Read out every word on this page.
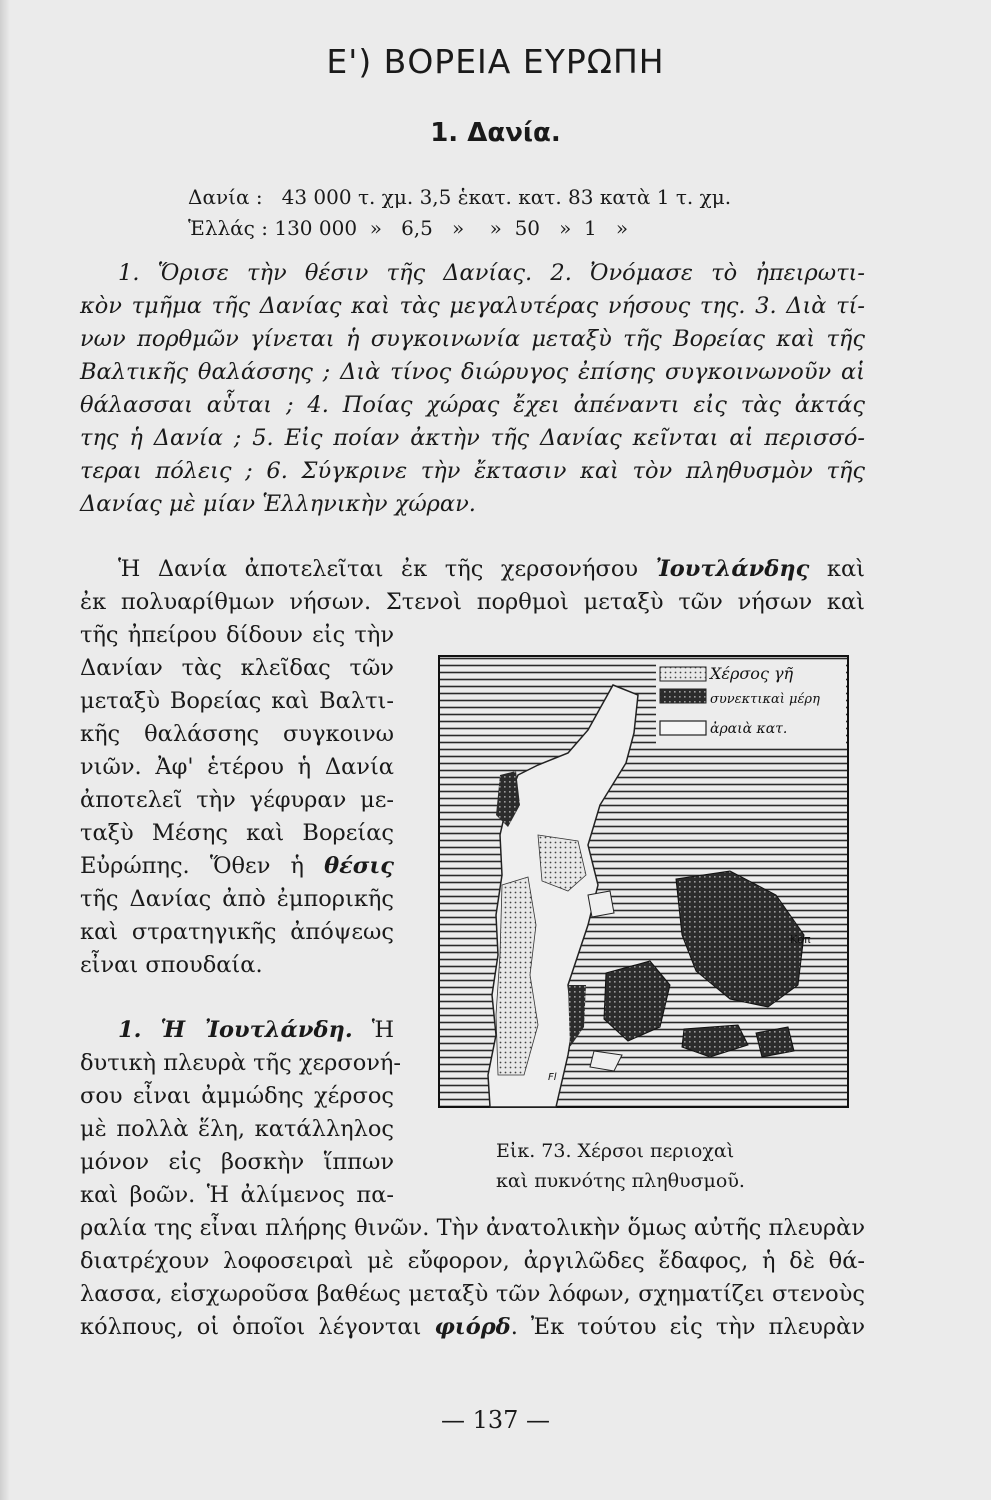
Ε') ΒΟΡΕΙΑ ΕΥΡΩΠΗ
1. Δανία.
Δανία :   43 000 τ. χμ. 3,5 ἑκατ. κατ. 83 κατὰ 1 τ. χμ.
Ἑλλάς : 130 000  »   6,5   »    »  50   »  1   »
1. Ὅρισε τὴν θέσιν τῆς Δανίας. 2. Ὀνόμασε τὸ ἠπειρωτι-
κὸν τμῆμα τῆς Δανίας καὶ τὰς μεγαλυτέρας νήσους της. 3. Διὰ τί-
νων πορθμῶν γίνεται ἡ συγκοινωνία μεταξὺ τῆς Βορείας καὶ τῆς
Βαλτικῆς θαλάσσης ; Διὰ τίνος διώρυγος ἐπίσης συγκοινωνοῦν αἱ
θάλασσαι αὗται ; 4. Ποίας χώρας ἔχει ἀπέναντι εἰς τὰς ἀκτάς
της ἡ Δανία ; 5. Εἰς ποίαν ἀκτὴν τῆς Δανίας κεῖνται αἱ περισσό-
τεραι πόλεις ; 6. Σύγκρινε τὴν ἔκτασιν καὶ τὸν πληθυσμὸν τῆς
Δανίας μὲ μίαν Ἑλληνικὴν χώραν.
Ἡ Δανία ἀποτελεῖται ἐκ τῆς χερσονήσου Ἰουτλάνδης καὶ
ἐκ πολυαρίθμων νήσων. Στενοὶ πορθμοὶ μεταξὺ τῶν νήσων καὶ
τῆς ἠπείρου δίδουν εἰς τὴν
Δανίαν τὰς κλεῖδας τῶν
μεταξὺ Βορείας καὶ Βαλτι-
κῆς θαλάσσης συγκοινω
νιῶν. Ἀφ' ἑτέρου ἡ Δανία
ἀποτελεῖ τὴν γέφυραν με-
ταξὺ Μέσης καὶ Βορείας
Εὐρώπης. Ὅθεν ἡ θέσις
τῆς Δανίας ἀπὸ ἐμπορικῆς
καὶ στρατηγικῆς ἀπόψεως
εἶναι σπουδαία.
1. Ἡ Ἰουτλάνδη. Ἡ
δυτικὴ πλευρὰ τῆς χερσονή-
σου εἶναι ἀμμώδης χέρσος
μὲ πολλὰ ἕλη, κατάλληλος
μόνον εἰς βοσκὴν ἵππων
καὶ βοῶν. Ἡ ἀλίμενος πα-
ραλία της εἶναι πλήρης θινῶν. Τὴν ἀνατολικὴν ὅμως αὐτῆς πλευρὰν
διατρέχουν λοφοσειραὶ μὲ εὔφορον, ἀργιλῶδες ἔδαφος, ἡ δὲ θά-
λασσα, εἰσχωροῦσα βαθέως μεταξὺ τῶν λόφων, σχηματίζει στενοὺς
κόλπους, οἱ ὁποῖοι λέγονται φιόρδ. Ἐκ τούτου εἰς τὴν πλευρὰν
Χέρσος γῆ
συνεκτικαὶ μέρη
ἀραιὰ κατ.
Κοπ
Fl
Εἰκ. 73. Χέρσοι περιοχαὶ
καὶ πυκνότης πληθυσμοῦ.
— 137 —
